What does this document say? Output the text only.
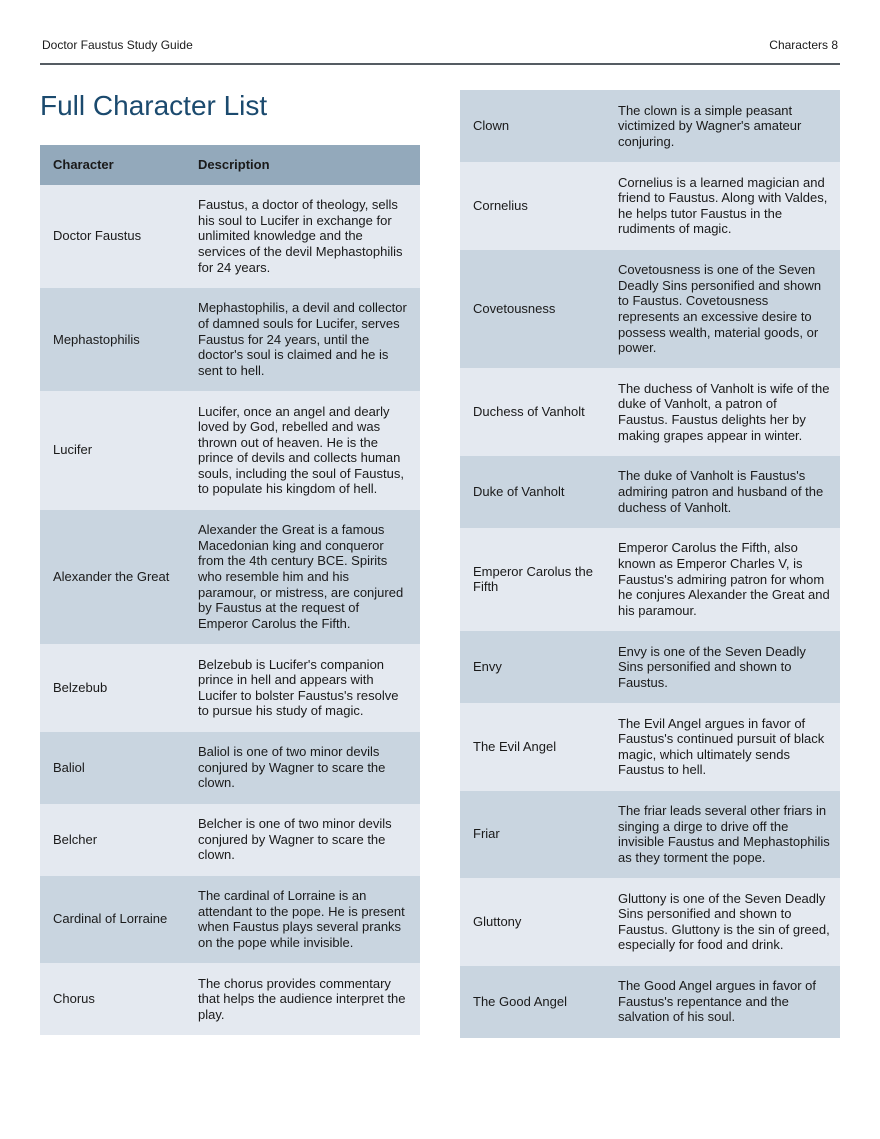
Doctor Faustus Study Guide	Characters 8
Full Character List
Character	Description
Doctor Faustus	Faustus, a doctor of theology, sells his soul to Lucifer in exchange for unlimited knowledge and the services of the devil Mephastophilis for 24 years.
Mephastophilis	Mephastophilis, a devil and collector of damned souls for Lucifer, serves Faustus for 24 years, until the doctor's soul is claimed and he is sent to hell.
Lucifer	Lucifer, once an angel and dearly loved by God, rebelled and was thrown out of heaven. He is the prince of devils and collects human souls, including the soul of Faustus, to populate his kingdom of hell.
Alexander the Great	Alexander the Great is a famous Macedonian king and conqueror from the 4th century BCE. Spirits who resemble him and his paramour, or mistress, are conjured by Faustus at the request of Emperor Carolus the Fifth.
Belzebub	Belzebub is Lucifer's companion prince in hell and appears with Lucifer to bolster Faustus's resolve to pursue his study of magic.
Baliol	Baliol is one of two minor devils conjured by Wagner to scare the clown.
Belcher	Belcher is one of two minor devils conjured by Wagner to scare the clown.
Cardinal of Lorraine	The cardinal of Lorraine is an attendant to the pope. He is present when Faustus plays several pranks on the pope while invisible.
Chorus	The chorus provides commentary that helps the audience interpret the play.
Clown	The clown is a simple peasant victimized by Wagner's amateur conjuring.
Cornelius	Cornelius is a learned magician and friend to Faustus. Along with Valdes, he helps tutor Faustus in the rudiments of magic.
Covetousness	Covetousness is one of the Seven Deadly Sins personified and shown to Faustus. Covetousness represents an excessive desire to possess wealth, material goods, or power.
Duchess of Vanholt	The duchess of Vanholt is wife of the duke of Vanholt, a patron of Faustus. Faustus delights her by making grapes appear in winter.
Duke of Vanholt	The duke of Vanholt is Faustus's admiring patron and husband of the duchess of Vanholt.
Emperor Carolus the Fifth	Emperor Carolus the Fifth, also known as Emperor Charles V, is Faustus's admiring patron for whom he conjures Alexander the Great and his paramour.
Envy	Envy is one of the Seven Deadly Sins personified and shown to Faustus.
The Evil Angel	The Evil Angel argues in favor of Faustus's continued pursuit of black magic, which ultimately sends Faustus to hell.
Friar	The friar leads several other friars in singing a dirge to drive off the invisible Faustus and Mephastophilis as they torment the pope.
Gluttony	Gluttony is one of the Seven Deadly Sins personified and shown to Faustus. Gluttony is the sin of greed, especially for food and drink.
The Good Angel	The Good Angel argues in favor of Faustus's repentance and the salvation of his soul.
